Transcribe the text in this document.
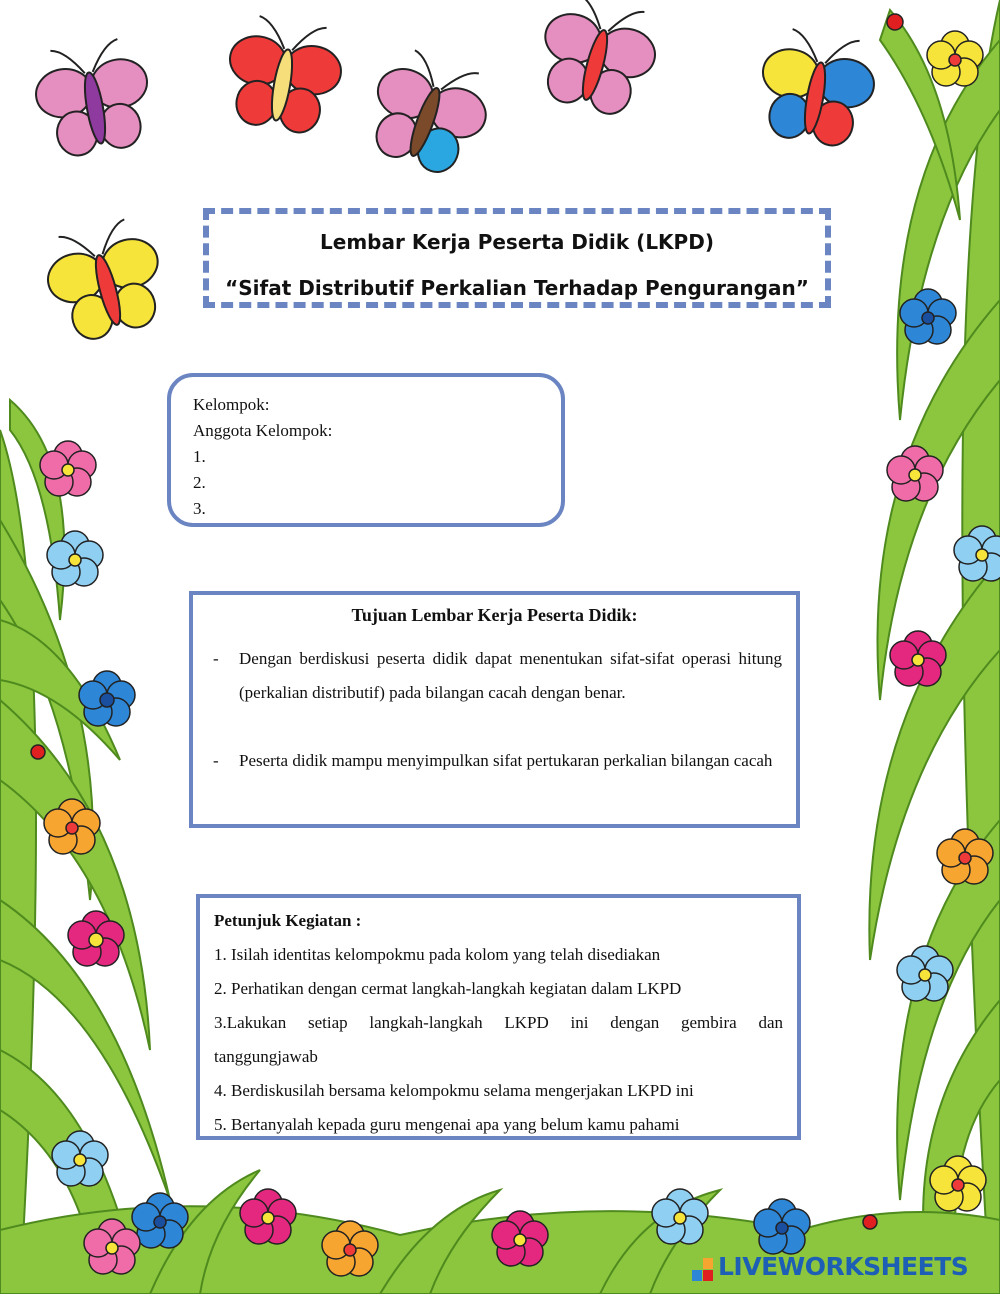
Lembar Kerja Peserta Didik (LKPD)
“Sifat Distributif Perkalian Terhadap Pengurangan”
Kelompok:
Anggota Kelompok:
1.
2.
3.
Tujuan Lembar Kerja Peserta Didik:
- Dengan berdiskusi peserta didik dapat menentukan sifat-sifat operasi hitung (perkalian distributif) pada bilangan cacah dengan benar.
- Peserta didik mampu menyimpulkan sifat pertukaran perkalian bilangan cacah
Petunjuk Kegiatan :
1. Isilah identitas kelompokmu pada kolom yang telah disediakan
2. Perhatikan dengan cermat langkah-langkah kegiatan dalam LKPD
3.Lakukan setiap langkah-langkah LKPD ini dengan gembira dan
tanggungjawab
4. Berdiskusilah bersama kelompokmu selama mengerjakan LKPD ini
5. Bertanyalah kepada guru mengenai apa yang belum kamu pahami
LIVEWORKSHEETS
